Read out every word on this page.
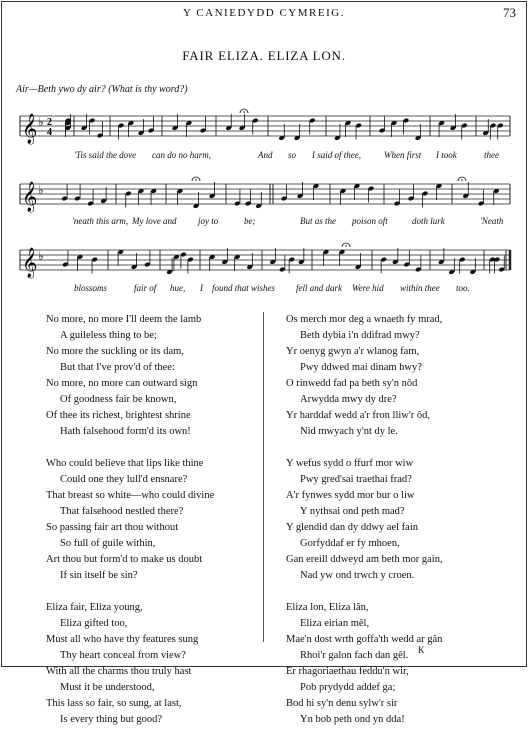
Y CANIEDYDD CYMREIG.	73
FAIR ELIZA. ELIZA LON.
Air—Beth ywo dy air? (What is thy word?)
𝄞 ♭ 2
4
'Tis said the dove can do no harm,	And so I said of thee,	When first I took	thee
𝄞 ♭
'neath this arm, My love and joy to	be;	But as the poison oft	doth lurk	'Neath
𝄞 ♭
blossoms	fair of hue, I found that wishes fell and dark Were hid within thee too.
No more, no more I'll deem the lamb
A guileless thing to be;
No more the suckling or its dam,
But that I've prov'd of thee:
No more, no more can outward sign
Of goodness fair be known,
Of thee its richest, brightest shrine
Hath falsehood form'd its own!
Who could believe that lips like thine
Could one they lull'd ensnare?
That breast so white—who could divine
That falsehood nestled there?
So passing fair art thou without
So full of guile within,
Art thou but form'd to make us doubt
If sin itself be sin?
Eliza fair, Eliza young,
Eliza gifted too,
Must all who have thy features sung
Thy heart conceal from view?
With all the charms thou truly hast
Must it be understood,
This lass so fair, so sung, at last,
Is every thing but good?
Os merch mor deg a wnaeth fy mrad,
Beth dybia i'n ddifrad mwy?
Yr oenyg gwyn a'r wlanog fam,
Pwy ddwed mai dinam hwy?
O rinwedd fad pa beth sy'n nôd
Arwydda mwy dy dre?
Yr harddaf wedd a'r fron lliw'r ôd,
Nid mwyach y'nt dy le.
Y wefus sydd o ffurf mor wiw
Pwy gred'sai traethai frad?
A'r fynwes sydd mor bur o liw
Y nythsai ond peth mad?
Y glendid dan dy ddwy ael fain
Gorfyddaf er fy mhoen,
Gan ereill ddweyd am beth mor gain,
Nad yw ond trwch y croen.
Eliza lon, Eliza lân,
Eliza eirian mêl,
Mae'n dost wrth goffa'th wedd ar gân
Rhoi'r galon fach dan gêl.
Er rhagoriaethau feddu'n wir,
Pob prydydd addef ga;
Bod hi sy'n denu sylw'r sir
Yn bob peth ond yn dda!
K
